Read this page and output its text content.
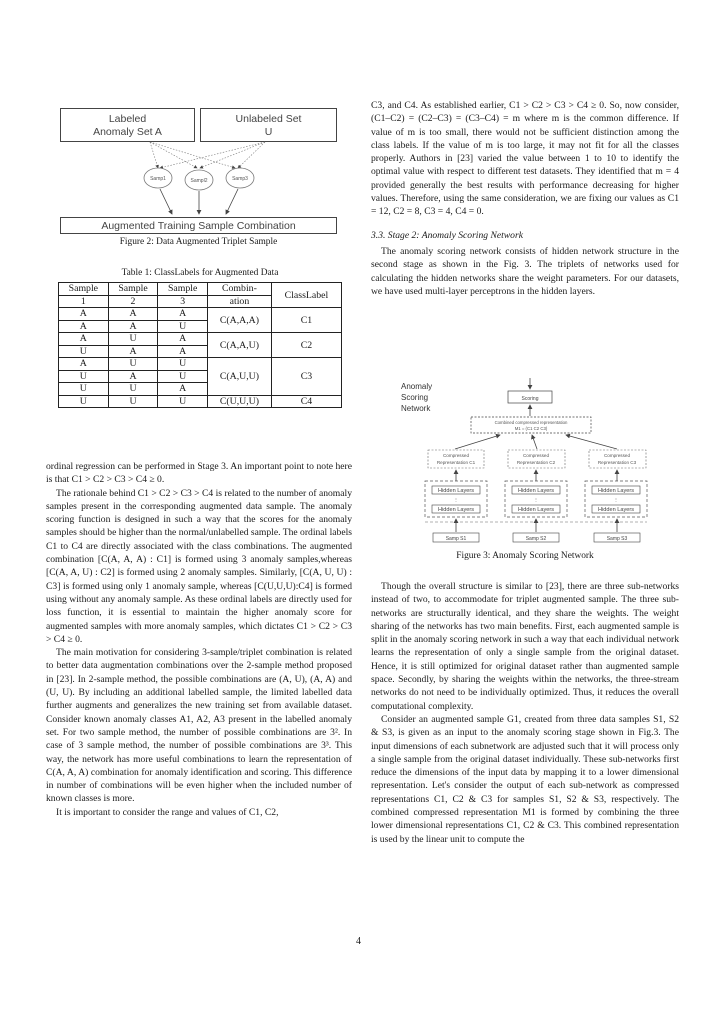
Labeled
Anomaly Set A
Unlabeled Set
U
Samp1	Sampl2	Samp3
Augmented Training Sample Combination
Figure 2: Data Augmented Triplet Sample
Table 1: ClassLabels for Augmented Data
Sample	Sample	Sample	Combin-	ClassLabel
1	2	3	ation	
A	A	A	C(A,A,A)	C1
A	A	U		
A	U	A	C(A,A,U)	C2
U	A	A		
A	U	U	C(A,U,U)	C3
U	A	U		
U	U	A		
U	U	U	C(U,U,U)	C4

ordinal regression can be performed in Stage 3. An important point to note here is that C1 > C2 > C3 > C4 ≥ 0.

The rationale behind C1 > C2 > C3 > C4 is related to the number of anomaly samples present in the corresponding augmented data sample. The anomaly scoring function is designed in such a way that the scores for the anomaly samples should be higher than the normal/unlabelled sample. The ordinal labels C1 to C4 are directly associated with the class combinations. The augmented combination [C(A, A, A) : C1] is formed using 3 anomaly samples,whereas [C(A, A, U) : C2] is formed using 2 anomaly samples. Similarly, [C(A, U, U) : C3] is formed using only 1 anomaly sample, whereas [C(U,U,U):C4] is formed using without any anomaly sample. As these ordinal labels are directly used for loss function, it is essential to maintain the higher anomaly score for augmented samples with more anomaly samples, which dictates C1 > C2 > C3 > C4 ≥ 0.

The main motivation for considering 3-sample/triplet combination is related to better data augmentation combinations over the 2-sample method proposed in [23]. In 2-sample method, the possible combinations are (A, U), (A, A) and (U, U). By including an additional labelled sample, the limited labelled data further augments and generalizes the new training set from available dataset. Consider known anomaly classes A1, A2, A3 present in the labelled anomaly set. For two sample method, the number of possible combinations are 3². In case of 3 sample method, the number of possible combinations are 3³. This way, the network has more useful combinations to learn the representation of C(A, A, A) combination for anomaly identification and scoring. This difference in number of combinations will be even higher when the included number of known classes is more.

It is important to consider the range and values of C1, C2,

C3, and C4. As established earlier, C1 > C2 > C3 > C4 ≥ 0. So, now consider, (C1–C2) = (C2–C3) = (C3–C4) = m where m is the common difference. If value of m is too small, there would not be sufficient distinction among the class labels. If the value of m is too large, it may not fit for all the classes properly. Authors in [23] varied the value between 1 to 10 to identify the optimal value with respect to different test datasets. They identified that m = 4 provided generally the best results with performance decreasing for higher values. Therefore, using the same consideration, we are fixing our values as C1 = 12, C2 = 8, C3 = 4, C4 = 0.

3.3. Stage 2: Anomaly Scoring Network

The anomaly scoring network consists of hidden network structure in the second stage as shown in the Fig. 3. The triplets of networks used for calculating the hidden networks share the weight parameters. For our datasets, we have used multi-layer perceptrons in the hidden layers.

Anomaly
Scoring
Network
Scoring
Combined compressed representation
M1 = (C1 C2 C3)
Compressed
Representation C1
Compressed
Representation C2
Compressed
Representation C3
Hidden Layers
⋮
Hidden Layers
Hidden Layers
⋮
Hidden Layers
Hidden Layers
⋮
Hidden Layers
Samp S1	Samp S2	Samp S3
Figure 3: Anomaly Scoring Network

Though the overall structure is similar to [23], there are three sub-networks instead of two, to accommodate for triplet augmented sample. The three sub-networks are structurally identical, and they share the weights. The weight sharing of the networks has two main benefits. First, each augmented sample is split in the anomaly scoring network in such a way that each individual network learns the representation of only a single sample from the original dataset. Hence, it is still optimized for original dataset rather than augmented sample space. Secondly, by sharing the weights within the networks, the three-stream networks do not need to be individually optimized. Thus, it reduces the overall computational complexity.

Consider an augmented sample G1, created from three data samples S1, S2 & S3, is given as an input to the anomaly scoring stage shown in Fig.3. The input dimensions of each subnetwork are adjusted such that it will process only a single sample from the original dataset individually. These sub-networks first reduce the dimensions of the input data by mapping it to a lower dimensional representation. Let's consider the output of each sub-network as compressed representations C1, C2 & C3 for samples S1, S2 & S3, respectively. The combined compressed representation M1 is formed by combining the three lower dimensional representations C1, C2 & C3. This combined representation is used by the linear unit to compute the

4
